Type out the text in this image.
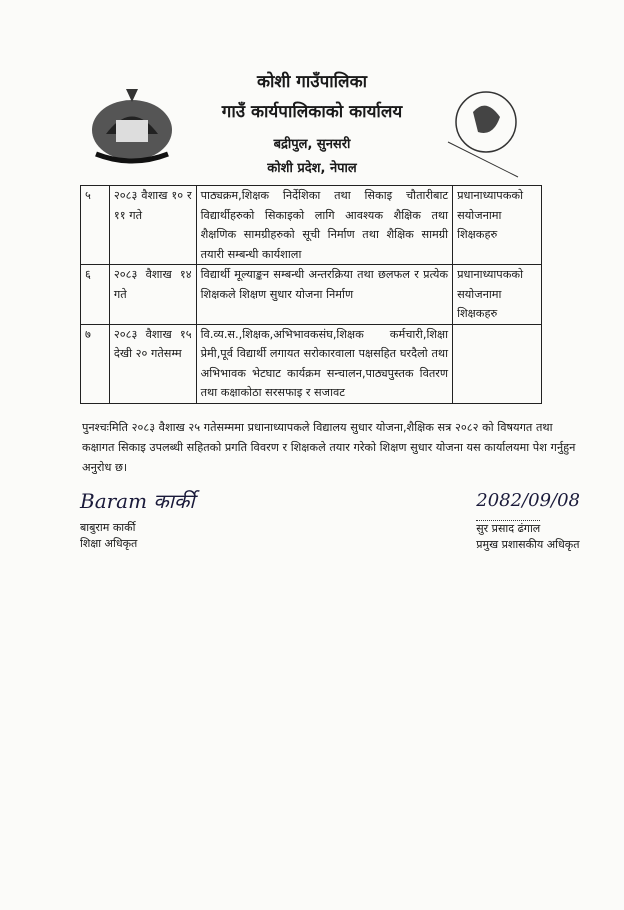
कोशी गाउँपालिका
गाउँ कार्यपालिकाको कार्यालय
बद्रीपुल, सुनसरी
कोशी प्रदेश, नेपाल
५	२०८३ वैशाख १० र ११ गते	पाठ्यक्रम,शिक्षक निर्देशिका तथा सिकाइ चौतारीबाट विद्यार्थीहरुको सिकाइको लागि आवश्यक शैक्षिक तथा शैक्षणिक सामग्रीहरुको सूची निर्माण तथा शैक्षिक सामग्री तयारी सम्बन्धी कार्यशाला	प्रधानाध्यापकको सयोजनामा शिक्षकहरु
६	२०८३ वैशाख १४ गते	विद्यार्थी मूल्याङ्कन सम्बन्धी अन्तरक्रिया तथा छलफल र प्रत्येक शिक्षकले शिक्षण सुधार योजना निर्माण	प्रधानाध्यापकको सयोजनामा शिक्षकहरु
७	२०८३ वैशाख १५ देखी २० गतेसम्म	वि.व्य.स.,शिक्षक,अभिभावकसंघ,शिक्षक कर्मचारी,शिक्षा प्रेमी,पूर्व विद्यार्थी लगायत सरोकारवाला पक्षसहित घरदैलो तथा अभिभावक भेटघाट कार्यक्रम सन्चालन,पाठ्यपुस्तक वितरण तथा कक्षाकोठा सरसफाइ र सजावट	
पुनश्चःमिति २०८३ वैशाख २५ गतेसम्ममा प्रधानाध्यापकले विद्यालय सुधार योजना,शैक्षिक सत्र २०८२ को विषयगत तथा कक्षागत सिकाइ उपलब्धी सहितको प्रगति विवरण र शिक्षकले तयार गरेको शिक्षण सुधार योजना यस कार्यालयमा पेश गर्नुहुन अनुरोध छ।
Baram कार्की
बाबुराम कार्की
शिक्षा अधिकृत
2082/09/08
सुर प्रसाद ढंगाल
प्रमुख प्रशासकीय अधिकृत
